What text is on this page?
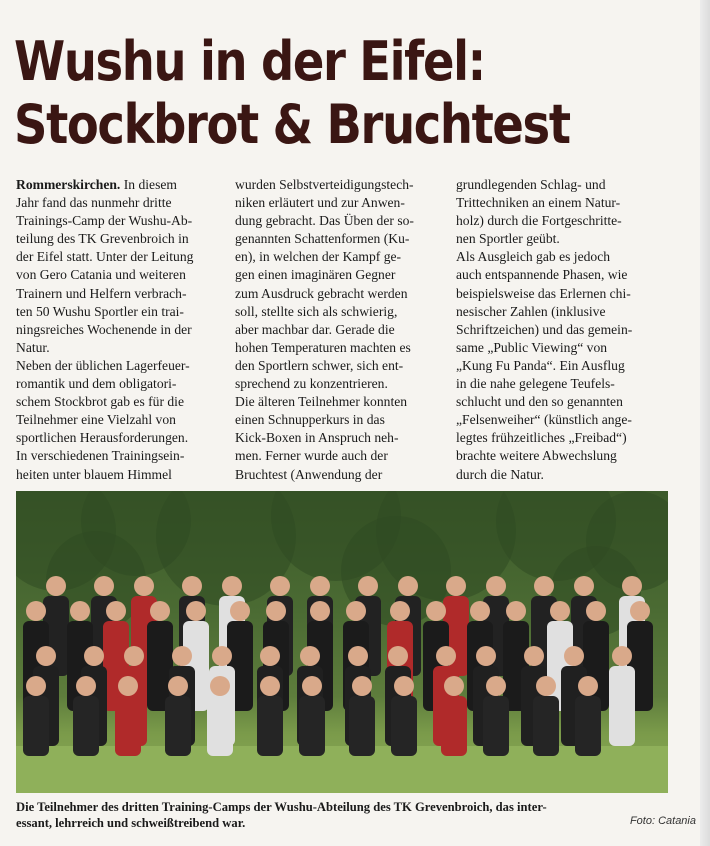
Wushu in der Eifel:
Stockbrot & Bruchtest

Rommerskirchen. In diesem

Jahr fand das nunmehr dritte

Trainings-Camp der Wushu-Ab-

teilung des TK Grevenbroich in

der Eifel statt. Unter der Leitung

von Gero Catania und weiteren

Trainern und Helfern verbrach-

ten 50 Wushu Sportler ein trai-

ningsreiches Wochenende in der

Natur.

Neben der üblichen Lagerfeuer-

romantik und dem obligatori-

schem Stockbrot gab es für die

Teilnehmer eine Vielzahl von

sportlichen Herausforderungen.

In verschiedenen Trainingsein-

heiten unter blauem Himmel

wurden Selbstverteidigungstech-

niken erläutert und zur Anwen-

dung gebracht. Das Üben der so-

genannten Schattenformen (Ku-

en), in welchen der Kampf ge-

gen einen imaginären Gegner

zum Ausdruck gebracht werden

soll, stellte sich als schwierig,

aber machbar dar. Gerade die

hohen Temperaturen machten es

den Sportlern schwer, sich ent-

sprechend zu konzentrieren.

Die älteren Teilnehmer konnten

einen Schnupperkurs in das

Kick-Boxen in Anspruch neh-

men. Ferner wurde auch der

Bruchtest (Anwendung der

grundlegenden Schlag- und

Trittechniken an einem Natur-

holz) durch die Fortgeschritte-

nen Sportler geübt.

Als Ausgleich gab es jedoch

auch entspannende Phasen, wie

beispielsweise das Erlernen chi-

nesischer Zahlen (inklusive

Schriftzeichen) und das gemein-

same „Public Viewing“ von

„Kung Fu Panda“. Ein Ausflug

in die nahe gelegene Teufels-

schlucht und den so genannten

„Felsenweiher“ (künstlich ange-

legtes frühzeitliches „Freibad“)

brachte weitere Abwechslung

durch die Natur.

Die Teilnehmer des dritten Training-Camps der Wushu-Abteilung des TK Grevenbroich, das inter-
essant, lehrreich und schweißtreibend war.	Foto: Catania
